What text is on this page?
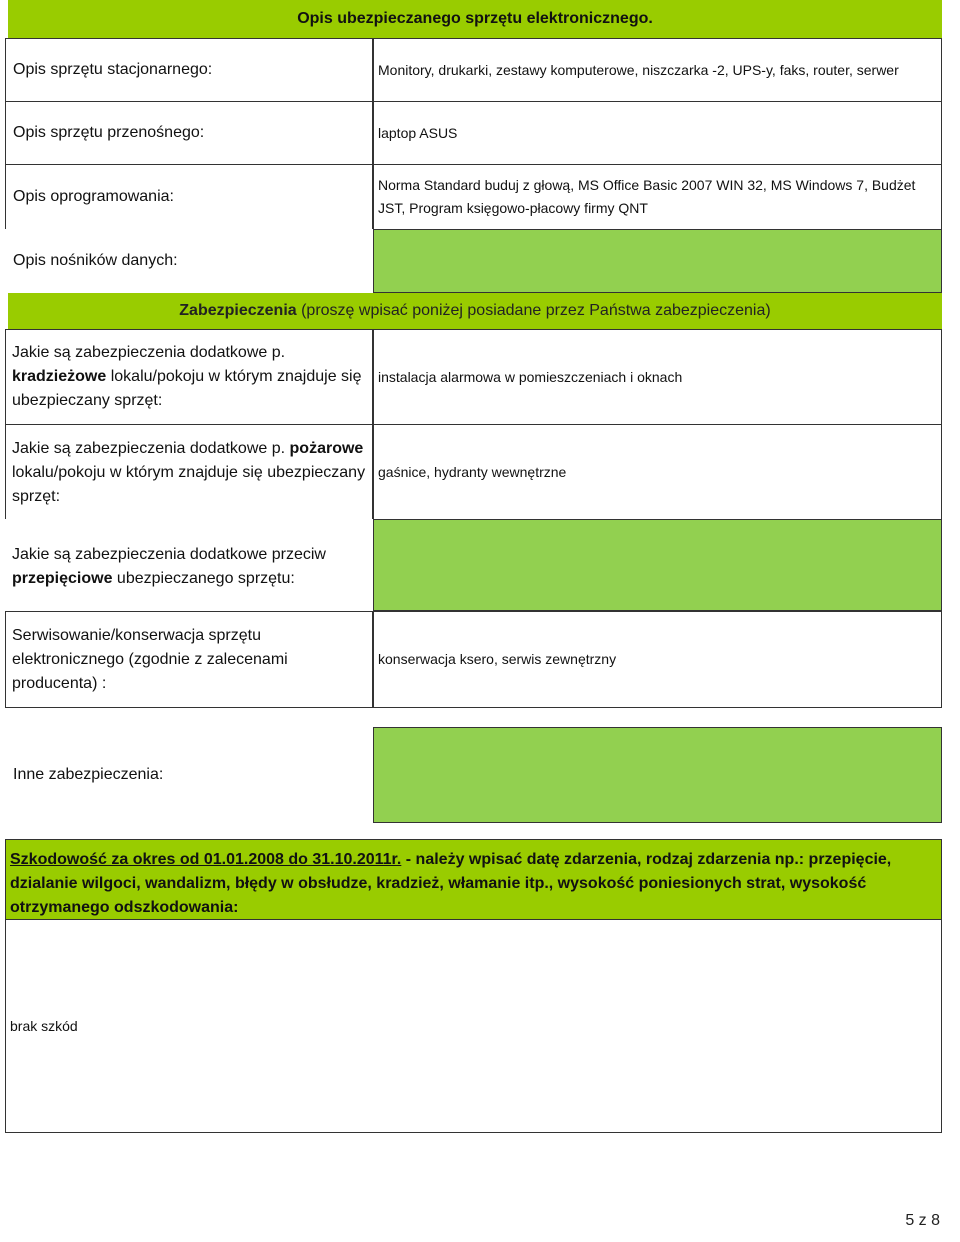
Opis ubezpieczanego sprzętu elektronicznego.
Opis sprzętu stacjonarnego:	Monitory, drukarki, zestawy komputerowe, niszczarka -2, UPS-y, faks, router, serwer
Opis sprzętu przenośnego:	laptop ASUS
Opis oprogramowania:
Norma Standard buduj z głową, MS Office Basic 2007 WIN 32, MS Windows 7, Budżet JST, Program księgowo-płacowy firmy QNT
Opis nośników danych:
Zabezpieczenia (proszę wpisać poniżej posiadane przez Państwa zabezpieczenia)
Jakie są zabezpieczenia dodatkowe p.
kradzieżowe lokalu/pokoju w którym znajduje się ubezpieczany sprzęt:
instalacja alarmowa w pomieszczeniach i oknach
Jakie są zabezpieczenia dodatkowe p. pożarowe lokalu/pokoju w którym znajduje się ubezpieczany sprzęt:
gaśnice, hydranty wewnętrzne
Jakie są zabezpieczenia dodatkowe przeciw
przepięciowe ubezpieczanego sprzętu:
Serwisowanie/konserwacja sprzętu elektronicznego (zgodnie z zalecenami producenta) :
konserwacja ksero, serwis zewnętrzny
Inne zabezpieczenia:
Szkodowość za okres od 01.01.2008 do 31.10.2011r. - należy wpisać datę zdarzenia, rodzaj zdarzenia np.: przepięcie, dzialanie wilgoci, wandalizm, błędy w obsłudze, kradzież, włamanie itp., wysokość poniesionych strat, wysokość otrzymanego odszkodowania:
brak szkód
5 z 8
